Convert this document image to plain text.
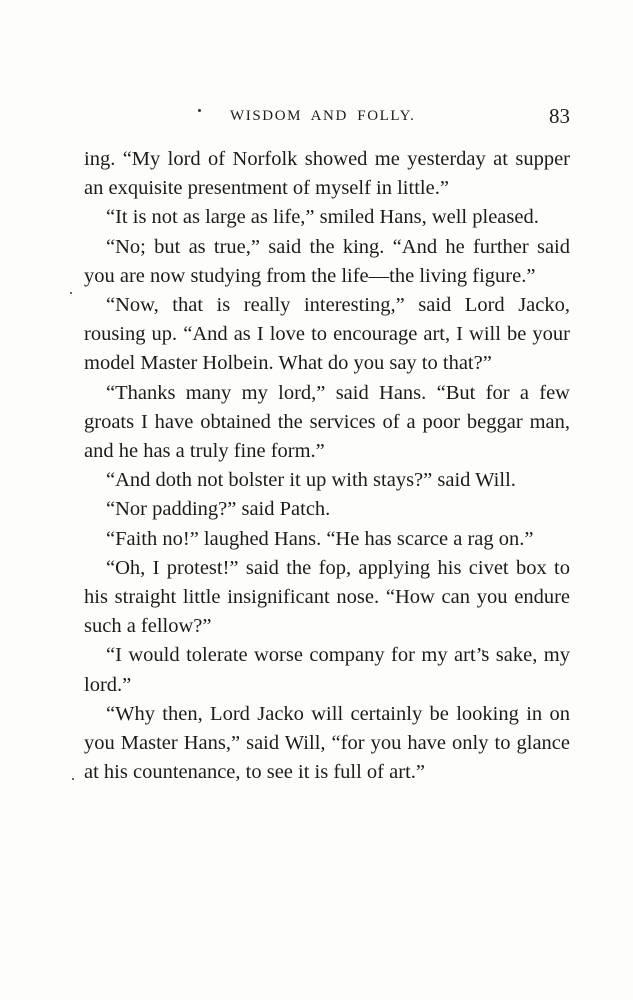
WISDOM AND FOLLY.	83

ing. “My lord of Norfolk showed me yesterday at supper an exquisite presentment of myself in little.”

“It is not as large as life,” smiled Hans, well pleased.

“No; but as true,” said the king. “And he further said you are now studying from the life—the living figure.”

“Now, that is really interesting,” said Lord Jacko, rousing up. “And as I love to encourage art, I will be your model Master Holbein. What do you say to that?”

“Thanks many my lord,” said Hans. “But for a few groats I have obtained the services of a poor beggar man, and he has a truly fine form.”

“And doth not bolster it up with stays?” said Will.

“Nor padding?” said Patch.

“Faith no!” laughed Hans. “He has scarce a rag on.”

“Oh, I protest!” said the fop, applying his civet box to his straight little insignificant nose. “How can you endure such a fellow?”

“I would tolerate worse company for my art’s sake, my lord.”

“Why then, Lord Jacko will certainly be looking in on you Master Hans,” said Will, “for you have only to glance at his countenance, to see it is full of art.”
